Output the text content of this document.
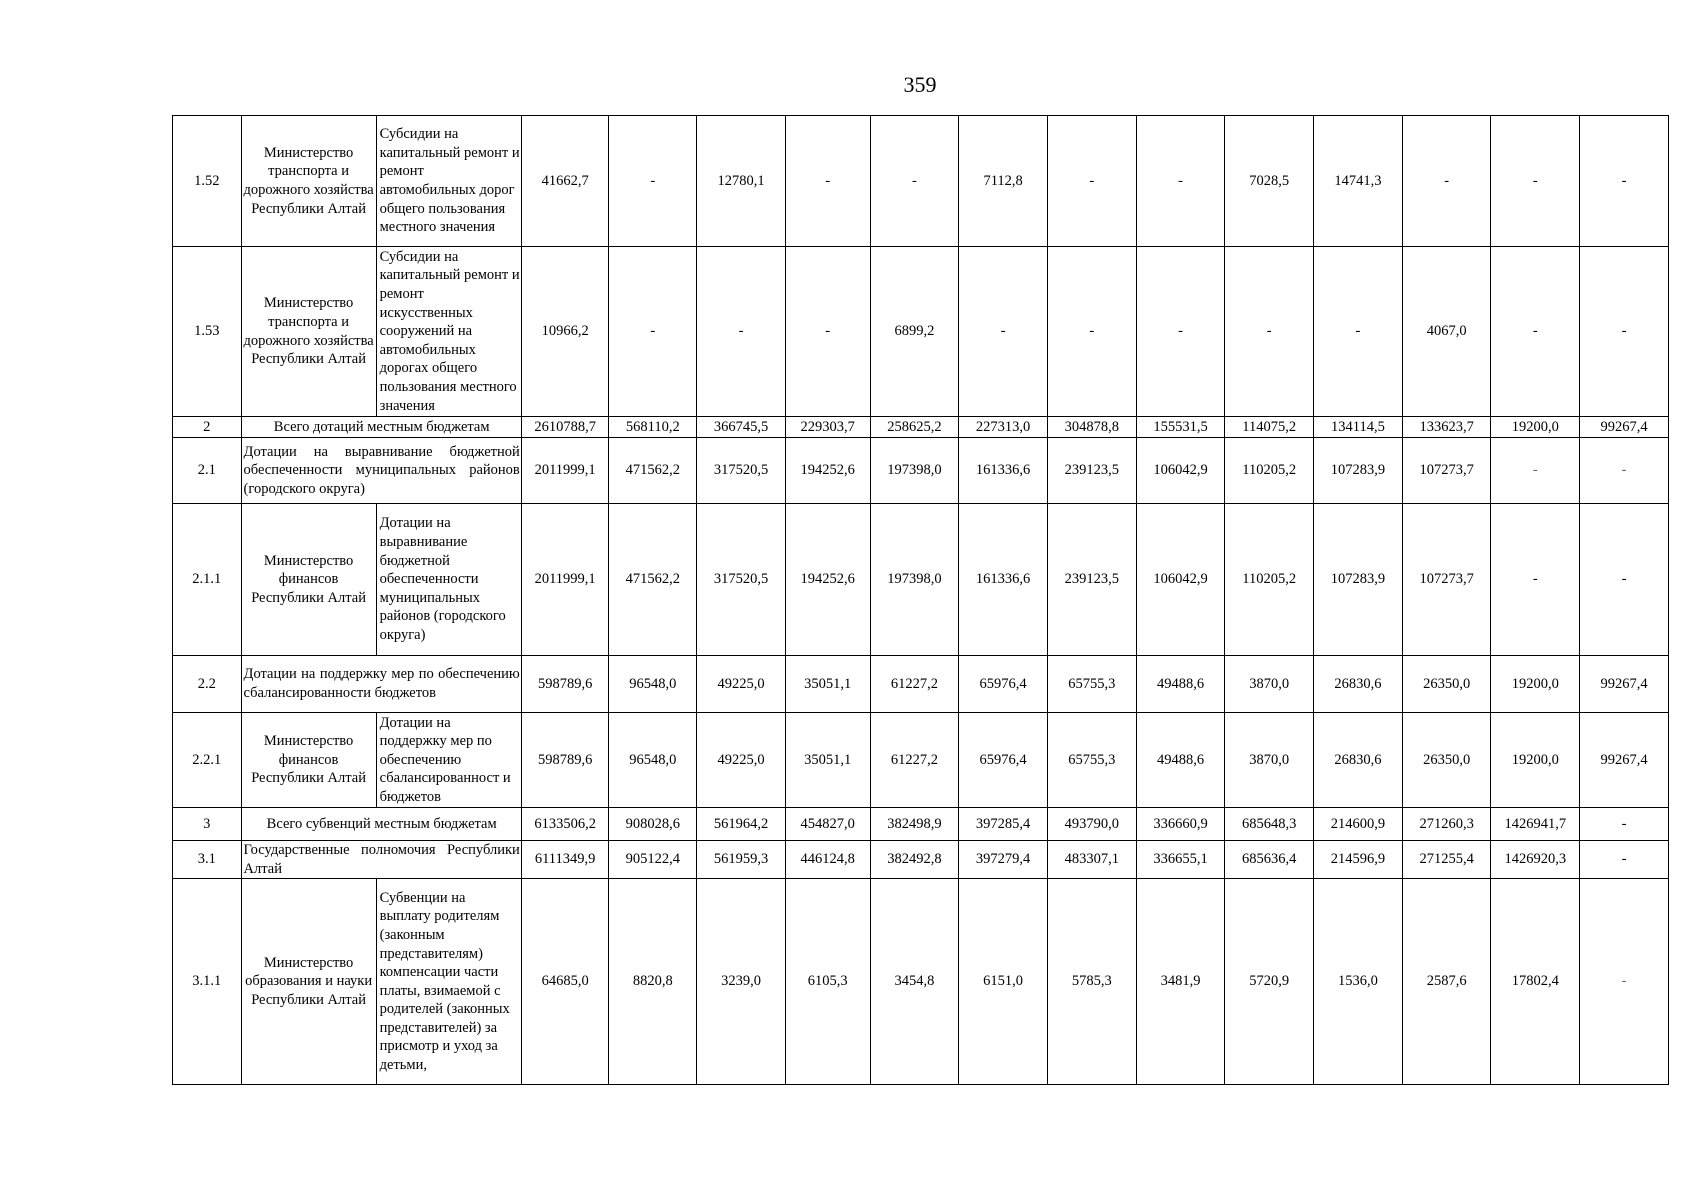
359
1.52	Министерство транспорта и дорожного хозяйства Республики Алтай	Субсидии на капитальный ремонт и ремонт автомобильных дорог общего пользования местного значения	41662,7	-	12780,1	-	-	7112,8	-	-	7028,5	14741,3	-	-	-
1.53	Министерство транспорта и дорожного хозяйства Республики Алтай	Субсидии на капитальный ремонт и ремонт искусственных сооружений на автомобильных дорогах общего пользования местного значения	10966,2	-	-	-	6899,2	-	-	-	-	-	4067,0	-	-
2	Всего дотаций местным бюджетам		2610788,7	568110,2	366745,5	229303,7	258625,2	227313,0	304878,8	155531,5	114075,2	134114,5	133623,7	19200,0	99267,4
2.1	Дотации на выравнивание бюджетной обеспеченности муниципальных районов (городского округа)		2011999,1	471562,2	317520,5	194252,6	197398,0	161336,6	239123,5	106042,9	110205,2	107283,9	107273,7	-	-
2.1.1	Министерство финансов Республики Алтай	Дотации на выравнивание бюджетной обеспеченности муниципальных районов (городского округа)	2011999,1	471562,2	317520,5	194252,6	197398,0	161336,6	239123,5	106042,9	110205,2	107283,9	107273,7	-	-
2.2	Дотации на поддержку мер по обеспечению сбалансированности бюджетов		598789,6	96548,0	49225,0	35051,1	61227,2	65976,4	65755,3	49488,6	3870,0	26830,6	26350,0	19200,0	99267,4
2.2.1	Министерство финансов Республики Алтай	Дотации на поддержку мер по обеспечению сбалансированност и бюджетов	598789,6	96548,0	49225,0	35051,1	61227,2	65976,4	65755,3	49488,6	3870,0	26830,6	26350,0	19200,0	99267,4
3	Всего субвенций местным бюджетам		6133506,2	908028,6	561964,2	454827,0	382498,9	397285,4	493790,0	336660,9	685648,3	214600,9	271260,3	1426941,7	-
3.1	Государственные полномочия Республики Алтай		6111349,9	905122,4	561959,3	446124,8	382492,8	397279,4	483307,1	336655,1	685636,4	214596,9	271255,4	1426920,3	-
3.1.1	Министерство образования и науки Республики Алтай	Субвенции на выплату родителям (законным представителям) компенсации части платы, взимаемой с родителей (законных представителей) за присмотр и уход за детьми,	64685,0	8820,8	3239,0	6105,3	3454,8	6151,0	5785,3	3481,9	5720,9	1536,0	2587,6	17802,4	-
